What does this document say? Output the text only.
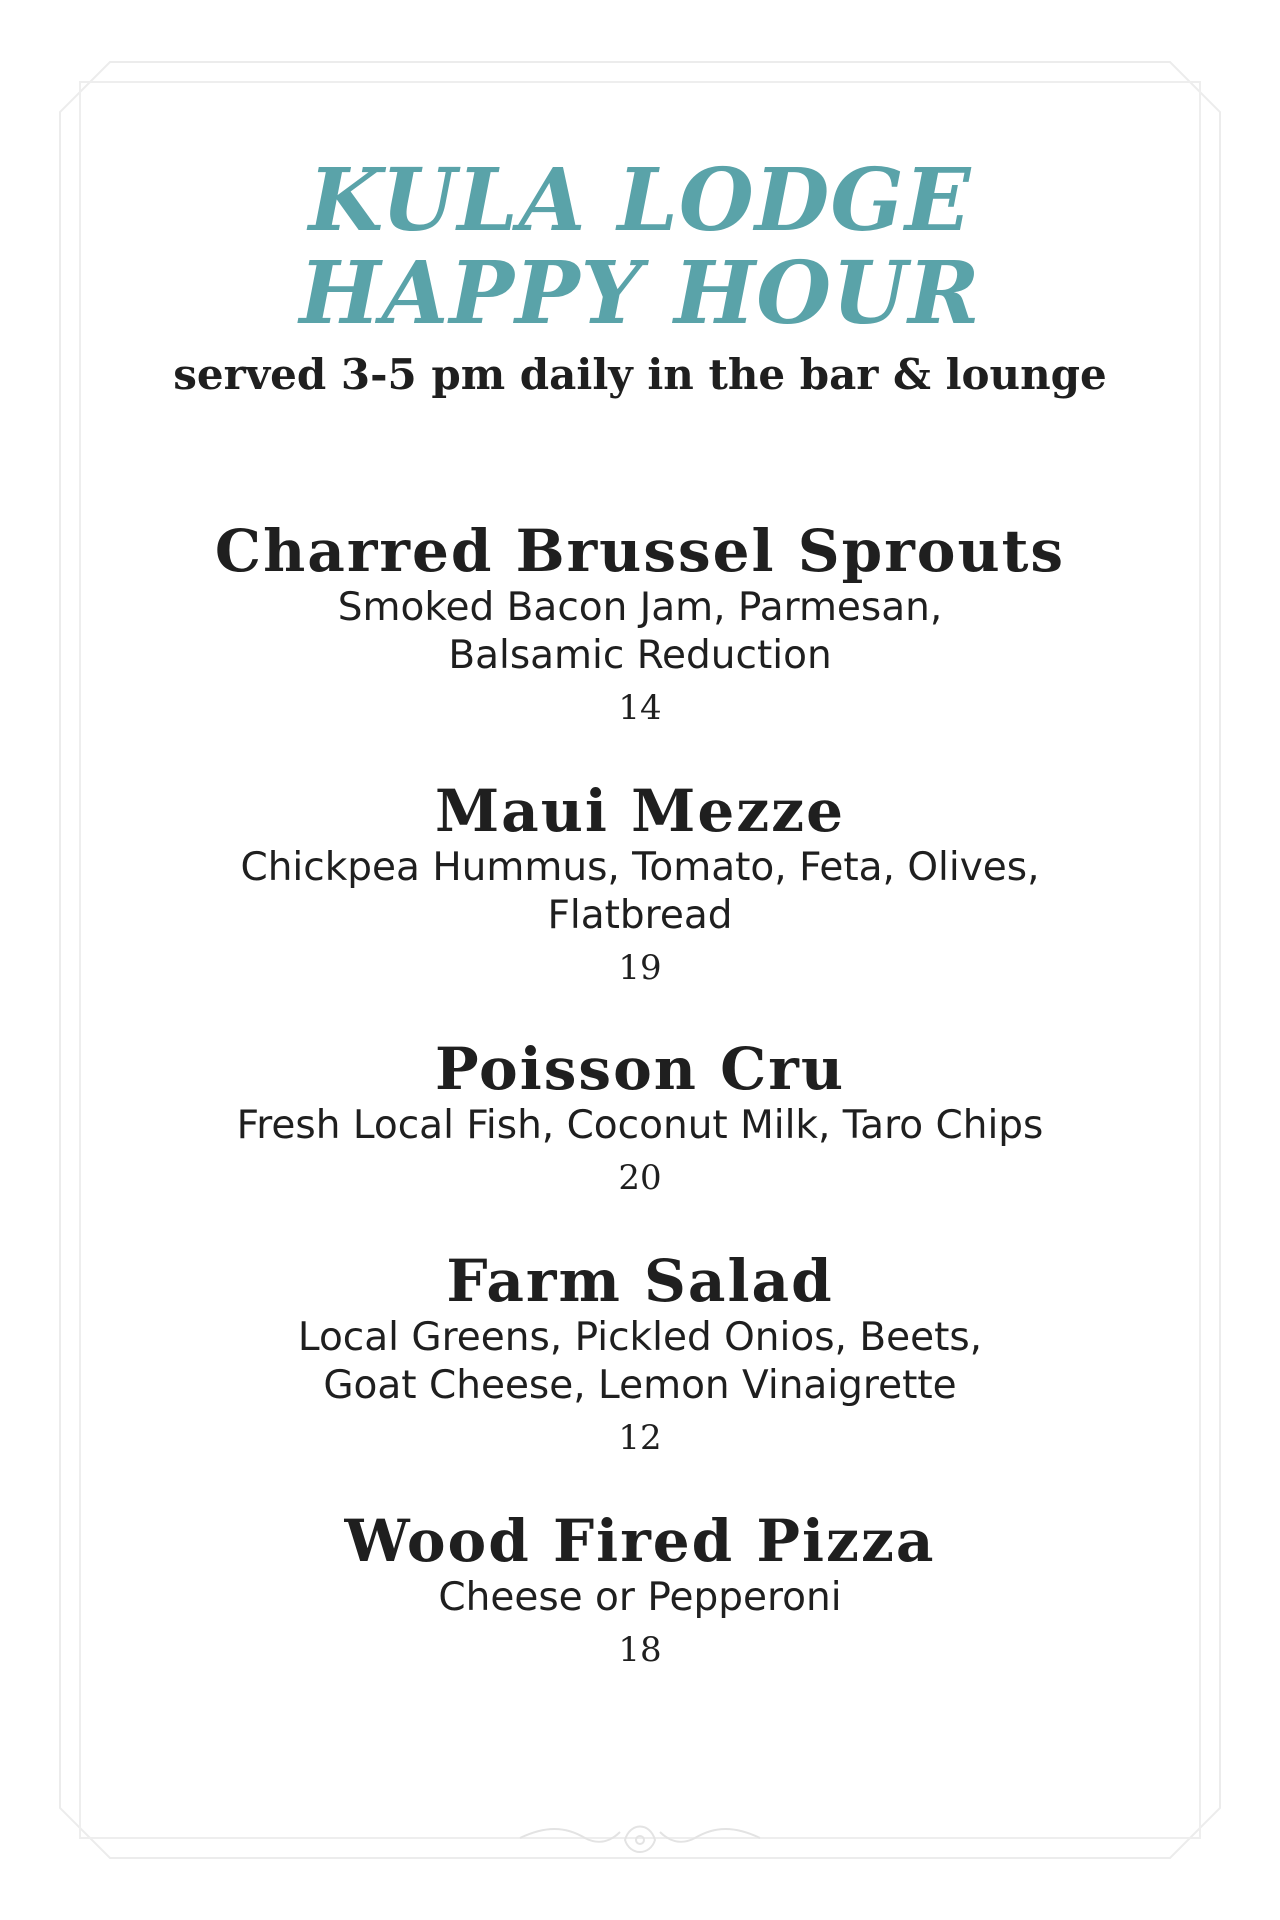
KULA LODGE
HAPPY HOUR
served 3-5 pm daily in the bar & lounge
Charred Brussel Sprouts
Smoked Bacon Jam, Parmesan,
Balsamic Reduction
14
Maui Mezze
Chickpea Hummus, Tomato, Feta, Olives,
Flatbread
19
Poisson Cru
Fresh Local Fish, Coconut Milk, Taro Chips
20
Farm Salad
Local Greens, Pickled Onios, Beets,
Goat Cheese, Lemon Vinaigrette
12
Wood Fired Pizza
Cheese or Pepperoni
18
